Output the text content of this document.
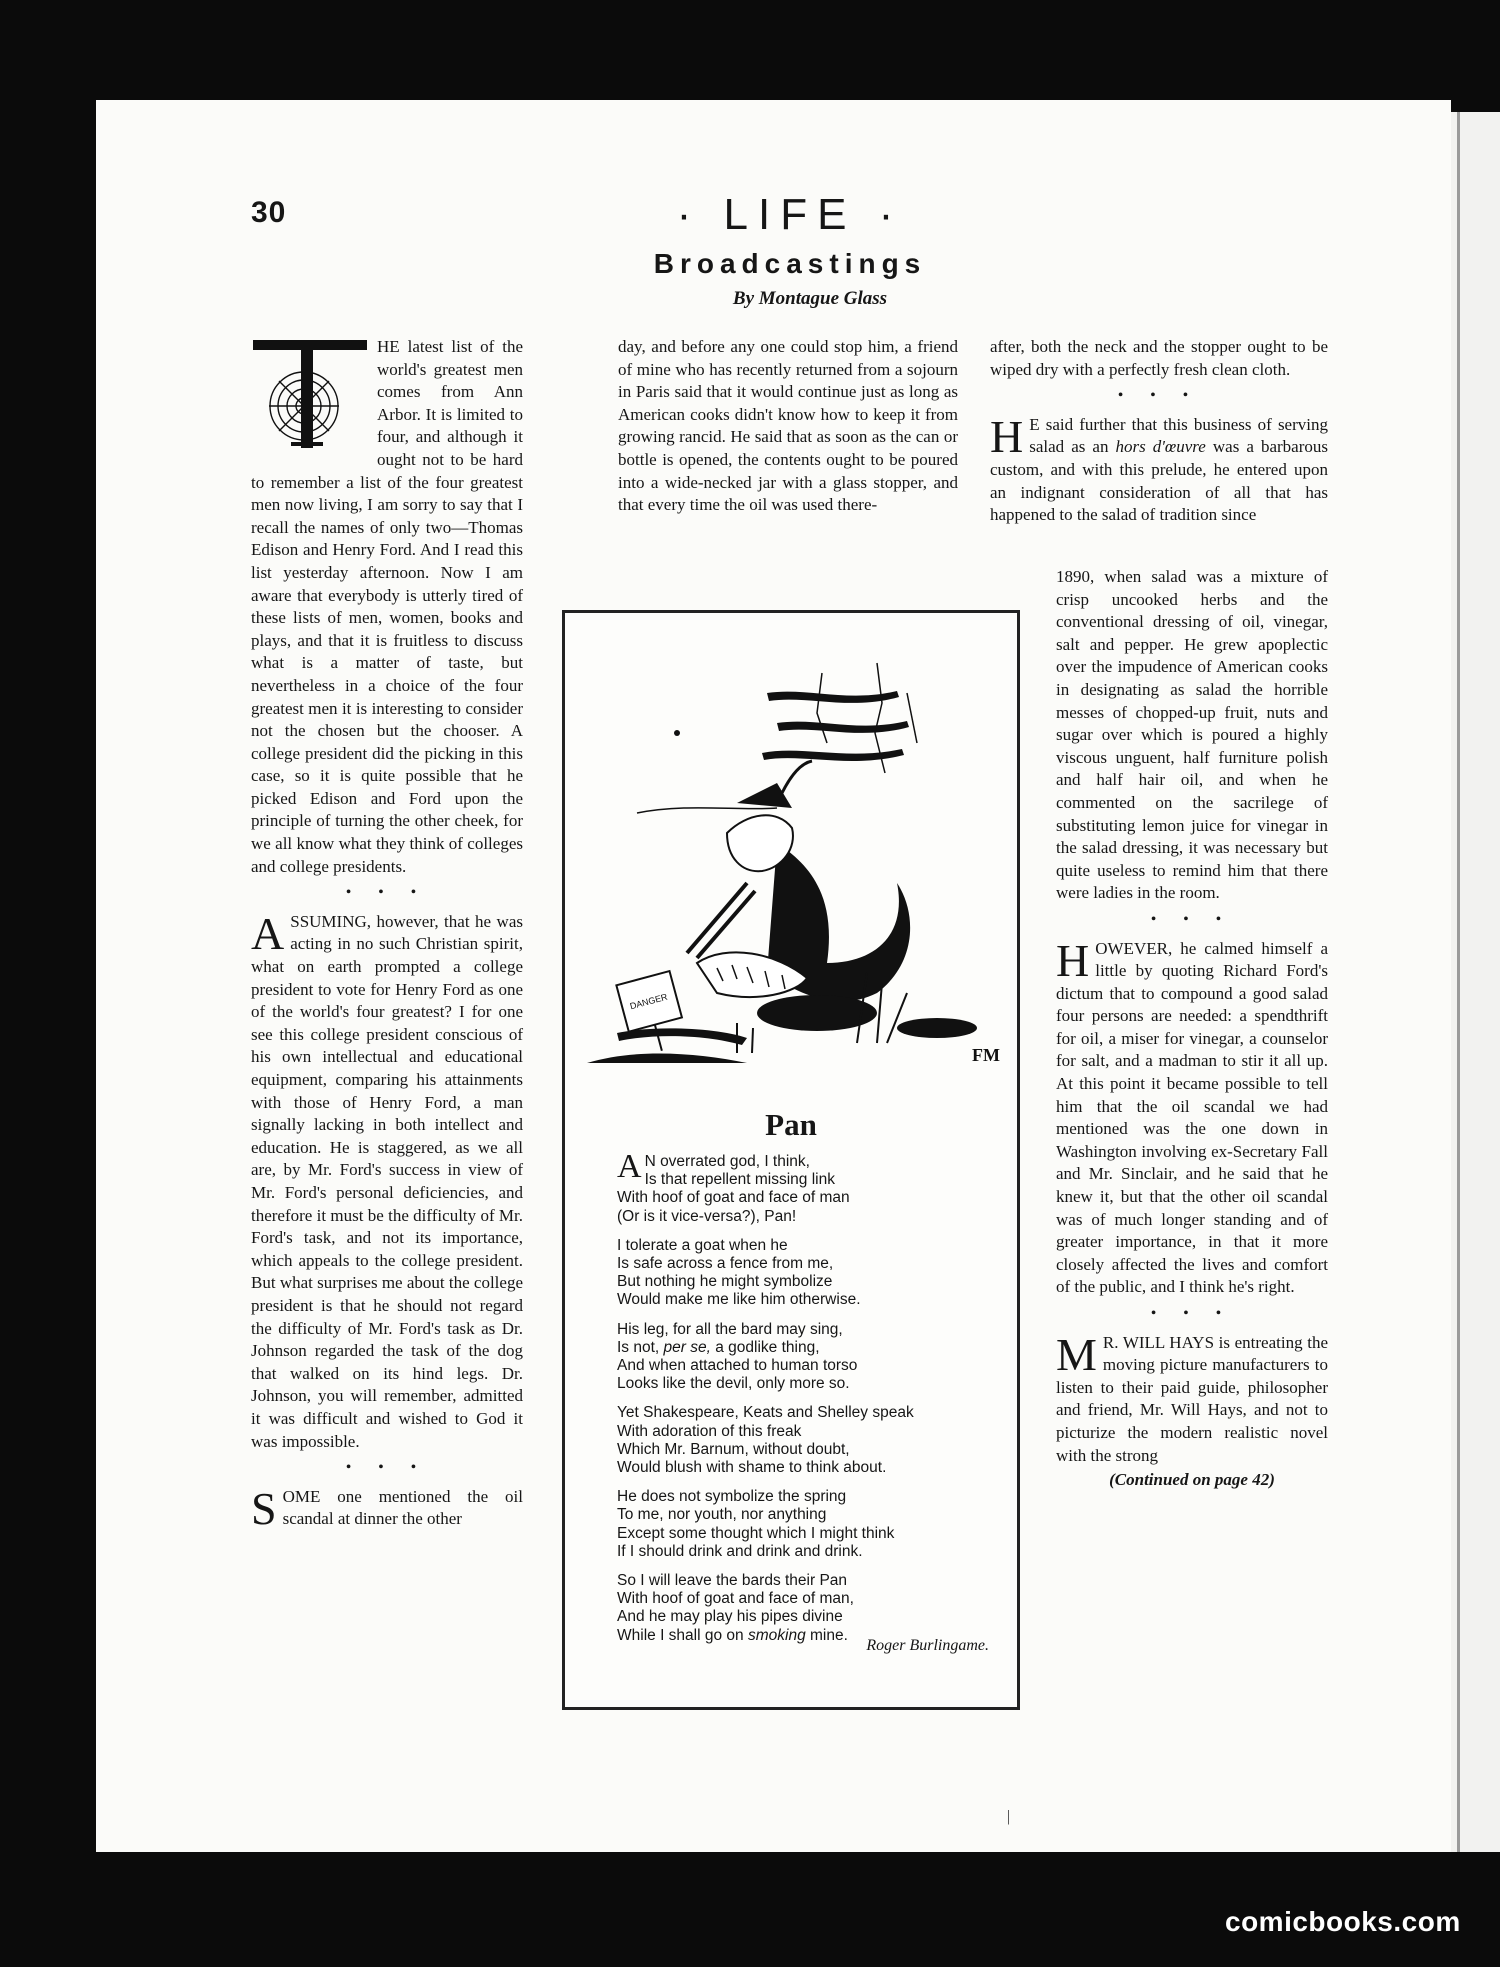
30	· LIFE ·
Broadcastings
By Montague Glass

HE latest list of the world's greatest men comes from Ann Arbor. It is limited to four, and although it ought not to be hard to remember a list of the four greatest men now living, I am sorry to say that I recall the names of only two—Thomas Edison and Henry Ford. And I read this list yesterday afternoon. Now I am aware that everybody is utterly tired of these lists of men, women, books and plays, and that it is fruitless to discuss what is a matter of taste, but nevertheless in a choice of the four greatest men it is interesting to consider not the chosen but the chooser. A college president did the picking in this case, so it is quite possible that he picked Edison and Ford upon the principle of turning the other cheek, for we all know what they think of colleges and college presidents.

• • •

ASSUMING, however, that he was acting in no such Christian spirit, what on earth prompted a college president to vote for Henry Ford as one of the world's four greatest? I for one see this college president conscious of his own intellectual and educational equipment, comparing his attainments with those of Henry Ford, a man signally lacking in both intellect and education. He is staggered, as we all are, by Mr. Ford's success in view of Mr. Ford's personal deficiencies, and therefore it must be the difficulty of Mr. Ford's task, and not its importance, which appeals to the college president. But what surprises me about the college president is that he should not regard the difficulty of Mr. Ford's task as Dr. Johnson regarded the task of the dog that walked on its hind legs. Dr. Johnson, you will remember, admitted it was difficult and wished to God it was impossible.

• • •

SOME one mentioned the oil scandal at dinner the other

day, and before any one could stop him, a friend of mine who has recently returned from a sojourn in Paris said that it would continue just as long as American cooks didn't know how to keep it from growing rancid. He said that as soon as the can or bottle is opened, the contents ought to be poured into a wide-necked jar with a glass stopper, and that every time the oil was used there-

after, both the neck and the stopper ought to be wiped dry with a perfectly fresh clean cloth.

• • •

H E said further that this business of serving salad as an hors d'œuvre was a barbarous custom, and with this prelude, he entered upon an indignant consideration of all that has happened to the salad of tradition since

1890, when salad was a mixture of crisp uncooked herbs and the conventional dressing of oil, vinegar, salt and pepper. He grew apoplectic over the impudence of American cooks in designating as salad the horrible messes of chopped-up fruit, nuts and sugar over which is poured a highly viscous unguent, half furniture polish and half hair oil, and when he commented on the sacrilege of substituting lemon juice for vinegar in the salad dressing, it was necessary but quite useless to remind him that there were ladies in the room.

• • •

HOWEVER, he calmed himself a little by quoting Richard Ford's dictum that to compound a good salad four persons are needed: a spendthrift for oil, a miser for vinegar, a counselor for salt, and a madman to stir it all up. At this point it became possible to tell him that the oil scandal we had mentioned was the one down in Washington involving ex-Secretary Fall and Mr. Sinclair, and he said that he knew it, but that the other oil scandal was of much longer standing and of greater importance, in that it more closely affected the lives and comfort of the public, and I think he's right.

• • •

M R. WILL HAYS is entreating the moving picture manufacturers to listen to their paid guide, philosopher and friend, Mr. Will Hays, and not to picturize the modern realistic novel with the strong

(Continued on page 42)
DANGER
FM
Pan
A N overrated god, I think,
Is that repellent missing link
With hoof of goat and face of man
(Or is it vice-versa?), Pan!
I tolerate a goat when he
Is safe across a fence from me,
But nothing he might symbolize
Would make me like him otherwise.
His leg, for all the bard may sing,
Is not, per se, a godlike thing,
And when attached to human torso
Looks like the devil, only more so.
Yet Shakespeare, Keats and Shelley speak
With adoration of this freak
Which Mr. Barnum, without doubt,
Would blush with shame to think about.
He does not symbolize the spring
To me, nor youth, nor anything
Except some thought which I might think
If I should drink and drink and drink.
So I will leave the bards their Pan
With hoof of goat and face of man,
And he may play his pipes divine
While I shall go on smoking mine.
Roger Burlingame.
|
comicbooks.com
